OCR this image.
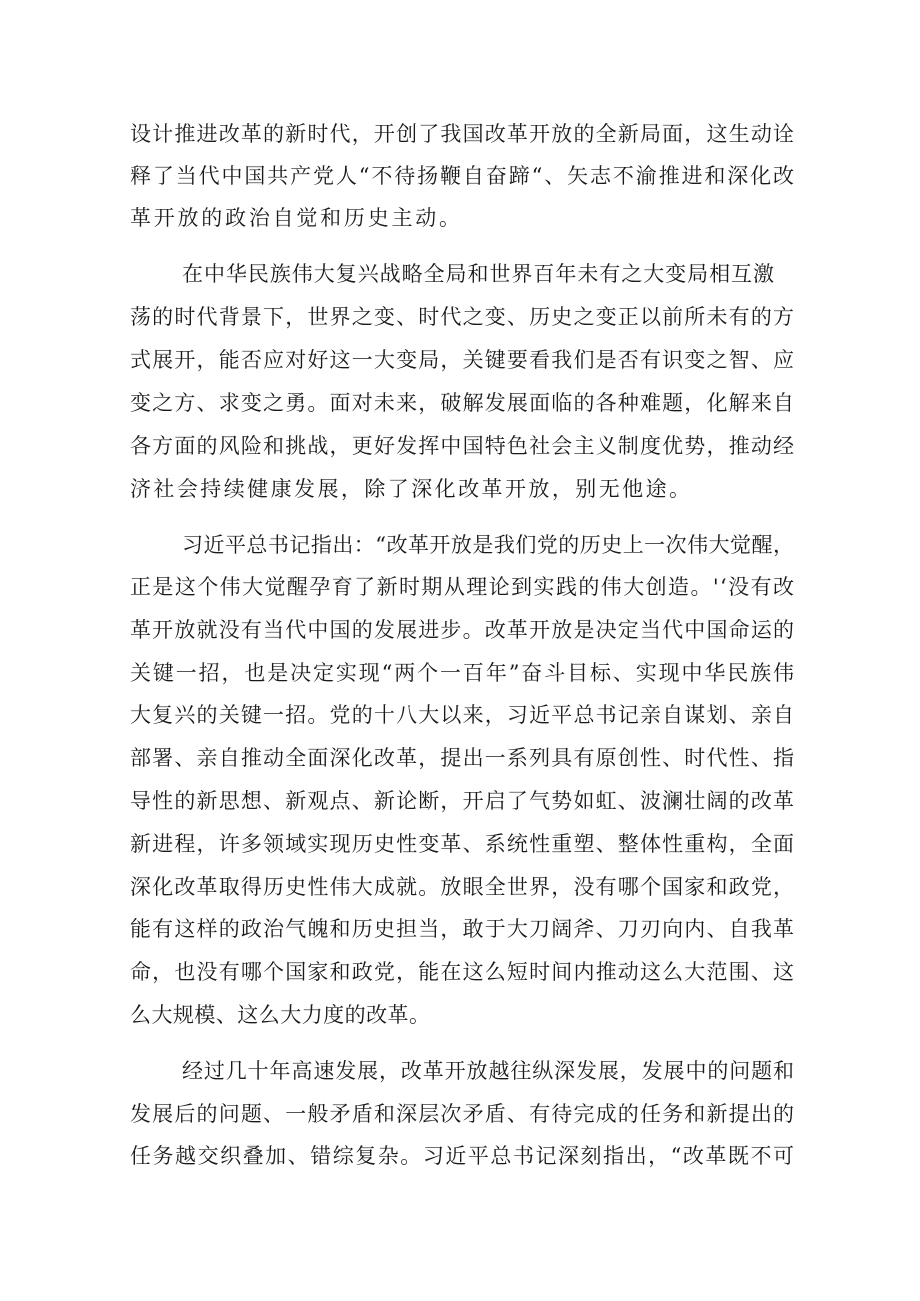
设计推进改革的新时代，开创了我国改革开放的全新局面，这生动诠

释了当代中国共产党人“不待扬鞭自奋蹄“、矢志不渝推进和深化改

革开放的政治自觉和历史主动。

在中华民族伟大复兴战略全局和世界百年未有之大变局相互激

荡的时代背景下，世界之变、时代之变、历史之变正以前所未有的方

式展开，能否应对好这一大变局，关键要看我们是否有识变之智、应

变之方、求变之勇。面对未来，破解发展面临的各种难题，化解来自

各方面的风险和挑战，更好发挥中国特色社会主义制度优势，推动经

济社会持续健康发展，除了深化改革开放，别无他途。

习近平总书记指出：“改革开放是我们党的历史上一次伟大觉醒，

正是这个伟大觉醒孕育了新时期从理论到实践的伟大创造。'‘没有改

革开放就没有当代中国的发展进步。改革开放是决定当代中国命运的

关键一招，也是决定实现“两个一百年”奋斗目标、实现中华民族伟

大复兴的关键一招。党的十八大以来，习近平总书记亲自谋划、亲自

部署、亲自推动全面深化改革，提出一系列具有原创性、时代性、指

导性的新思想、新观点、新论断，开启了气势如虹、波澜壮阔的改革

新进程，许多领域实现历史性变革、系统性重塑、整体性重构，全面

深化改革取得历史性伟大成就。放眼全世界，没有哪个国家和政党，

能有这样的政治气魄和历史担当，敢于大刀阔斧、刀刃向内、自我革

命，也没有哪个国家和政党，能在这么短时间内推动这么大范围、这

么大规模、这么大力度的改革。

经过几十年高速发展，改革开放越往纵深发展，发展中的问题和

发展后的问题、一般矛盾和深层次矛盾、有待完成的任务和新提出的

任务越交织叠加、错综复杂。习近平总书记深刻指出，“改革既不可
